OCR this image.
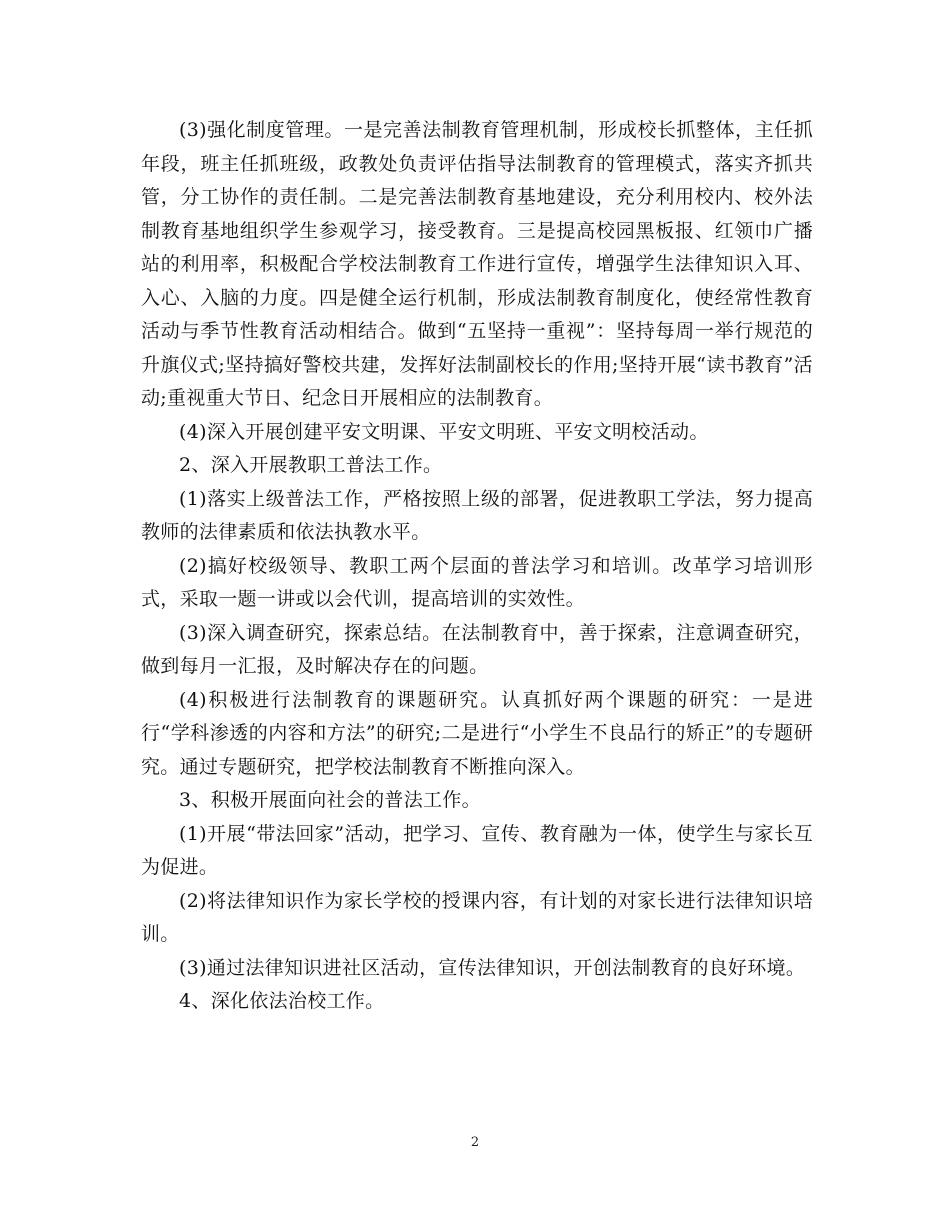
(3)强化制度管理。一是完善法制教育管理机制，形成校长抓整体，主任抓年段，班主任抓班级，政教处负责评估指导法制教育的管理模式，落实齐抓共管，分工协作的责任制。二是完善法制教育基地建设，充分利用校内、校外法制教育基地组织学生参观学习，接受教育。三是提高校园黑板报、红领巾广播站的利用率，积极配合学校法制教育工作进行宣传，增强学生法律知识入耳、入心、入脑的力度。四是健全运行机制，形成法制教育制度化，使经常性教育活动与季节性教育活动相结合。做到“五坚持一重视”：坚持每周一举行规范的升旗仪式;坚持搞好警校共建，发挥好法制副校长的作用;坚持开展“读书教育”活动;重视重大节日、纪念日开展相应的法制教育。

(4)深入开展创建平安文明课、平安文明班、平安文明校活动。

2、深入开展教职工普法工作。

(1)落实上级普法工作，严格按照上级的部署，促进教职工学法，努力提高教师的法律素质和依法执教水平。

(2)搞好校级领导、教职工两个层面的普法学习和培训。改革学习培训形式，采取一题一讲或以会代训，提高培训的实效性。

(3)深入调查研究，探索总结。在法制教育中，善于探索，注意调查研究，做到每月一汇报，及时解决存在的问题。

(4)积极进行法制教育的课题研究。认真抓好两个课题的研究：一是进行“学科渗透的内容和方法”的研究;二是进行“小学生不良品行的矫正”的专题研究。通过专题研究，把学校法制教育不断推向深入。

3、积极开展面向社会的普法工作。

(1)开展“带法回家”活动，把学习、宣传、教育融为一体，使学生与家长互为促进。

(2)将法律知识作为家长学校的授课内容，有计划的对家长进行法律知识培训。

(3)通过法律知识进社区活动，宣传法律知识，开创法制教育的良好环境。

4、深化依法治校工作。

2
